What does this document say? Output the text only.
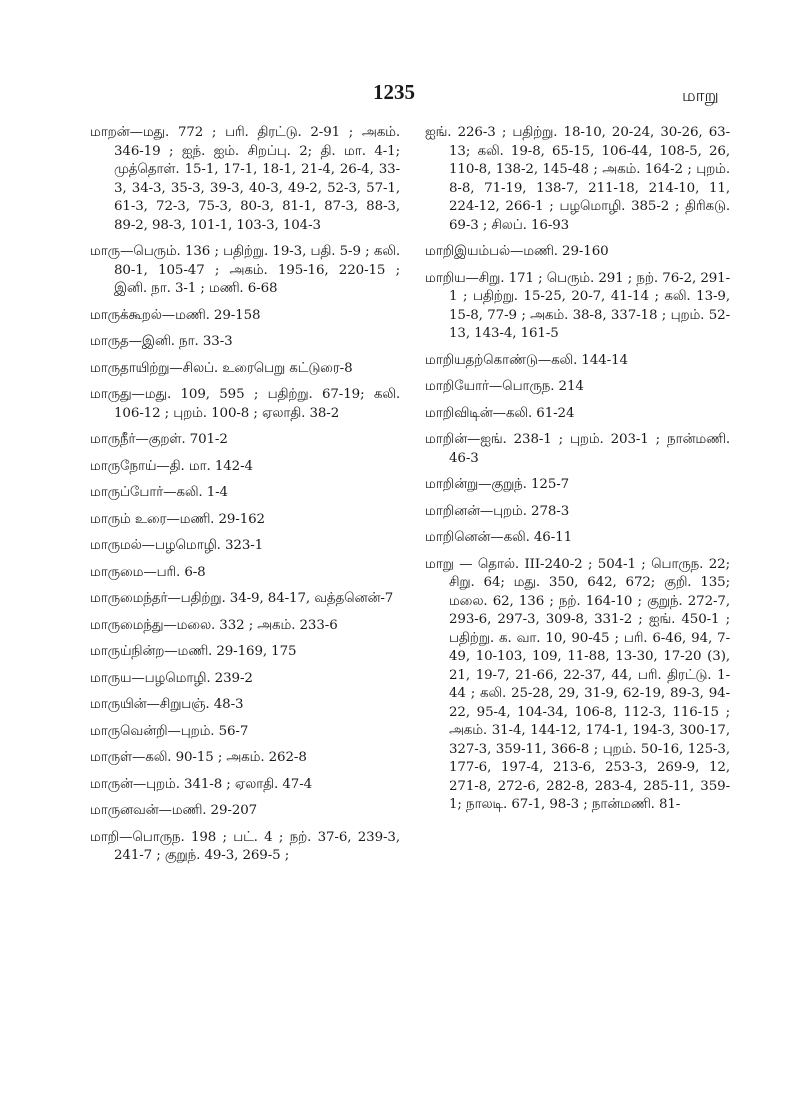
1235	மாறு

மாறன்—மது. 772 ; பரி. திரட்டு. 2-91 ; அகம். 346-19 ; ஐந். ஐம். சிறப்பு. 2; தி. மா. 4-1; முத்தொள். 15-1, 17-1, 18-1, 21-4, 26-4, 33-3, 34-3, 35-3, 39-3, 40-3, 49-2, 52-3, 57-1, 61-3, 72-3, 75-3, 80-3, 81-1, 87-3, 88-3, 89-2, 98-3, 101-1, 103-3, 104-3

மாரு—பெரும். 136 ; பதிற்று. 19-3, பதி. 5-9 ; கலி. 80-1, 105-47 ; அகம். 195-16, 220-15 ; இனி. நா. 3-1 ; மணி. 6-68

மாருக்கூறல்—மணி. 29-158

மாருத—இனி. நா. 33-3

மாருதாயிற்று—சிலப். உரைபெறு கட்டுரை-8

மாருது—மது. 109, 595 ; பதிற்று. 67-19; கலி. 106-12 ; புறம். 100-8 ; ஏலாதி. 38-2

மாருநீர்—குறள். 701-2

மாருநோய்—தி. மா. 142-4

மாருப்போர்—கலி. 1-4

மாரும் உரை—மணி. 29-162

மாருமல்—பழமொழி. 323-1

மாருமை—பரி. 6-8

மாருமைந்தர்—பதிற்று. 34-9, 84-17, வத்தனென்-7

மாருமைந்து—மலை. 332 ; அகம். 233-6

மாருய்நின்ற—மணி. 29-169, 175

மாருய—பழமொழி. 239-2

மாருயின்—சிறுபஞ். 48-3

மாருவென்றி—புறம். 56-7

மாருள்—கலி. 90-15 ; அகம். 262-8

மாருன்—புறம். 341-8 ; ஏலாதி. 47-4

மாருனவன்—மணி. 29-207

மாறி—பொருந. 198 ; பட். 4 ; நற். 37-6, 239-3, 241-7 ; குறுந். 49-3, 269-5 ;

ஐங். 226-3 ; பதிற்று. 18-10, 20-24, 30-26, 63-13; கலி. 19-8, 65-15, 106-44, 108-5, 26, 110-8, 138-2, 145-48 ; அகம். 164-2 ; புறம். 8-8, 71-19, 138-7, 211-18, 214-10, 11, 224-12, 266-1 ; பழமொழி. 385-2 ; திரிகடு. 69-3 ; சிலப். 16-93

மாறிஇயம்பல்—மணி. 29-160

மாறிய—சிறு. 171 ; பெரும். 291 ; நற். 76-2, 291-1 ; பதிற்று. 15-25, 20-7, 41-14 ; கலி. 13-9, 15-8, 77-9 ; அகம். 38-8, 337-18 ; புறம். 52-13, 143-4, 161-5

மாறியதற்கொண்டு—கலி. 144-14

மாறியோர்—பொருந. 214

மாறிவிடின்—கலி. 61-24

மாறின்—ஐங். 238-1 ; புறம். 203-1 ; நான்மணி. 46-3

மாறின்று—குறுந். 125-7

மாறினன்—புறம். 278-3

மாறினென்—கலி. 46-11

மாறு — தொல். III-240-2 ; 504-1 ; பொருந. 22; சிறு. 64; மது. 350, 642, 672; குறி. 135; மலை. 62, 136 ; நற். 164-10 ; குறுந். 272-7, 293-6, 297-3, 309-8, 331-2 ; ஐங். 450-1 ; பதிற்று. க. வா. 10, 90-45 ; பரி. 6-46, 94, 7-49, 10-103, 109, 11-88, 13-30, 17-20 (3), 21, 19-7, 21-66, 22-37, 44, பரி. திரட்டு. 1-44 ; கலி. 25-28, 29, 31-9, 62-19, 89-3, 94-22, 95-4, 104-34, 106-8, 112-3, 116-15 ; அகம். 31-4, 144-12, 174-1, 194-3, 300-17, 327-3, 359-11, 366-8 ; புறம். 50-16, 125-3, 177-6, 197-4, 213-6, 253-3, 269-9, 12, 271-8, 272-6, 282-8, 283-4, 285-11, 359-1; நாலடி. 67-1, 98-3 ; நான்மணி. 81-
